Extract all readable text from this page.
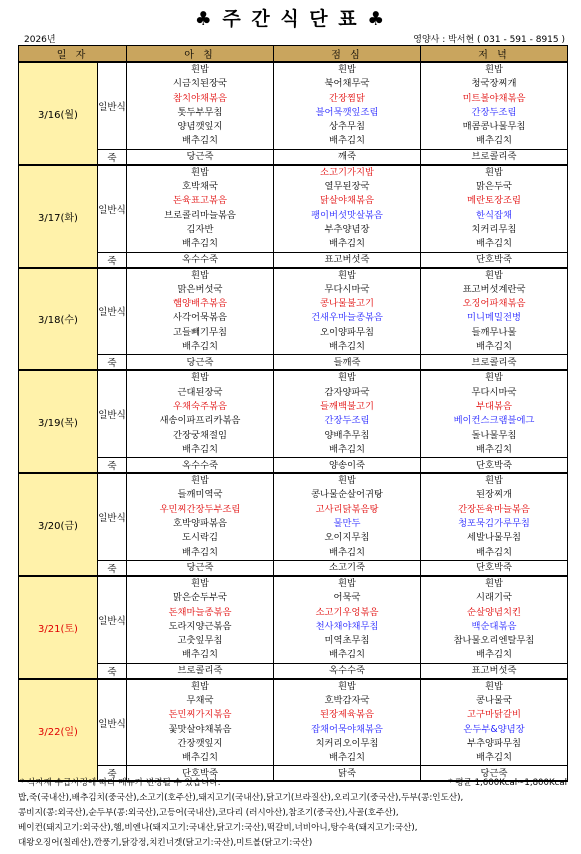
♣ 주 간 식 단 표 ♣
2026년	영양사 : 박서현 ( 031 - 591 - 8915 )
일 자		아 침	점 심	저 녁
3/16(월)	일반식	흰밥	흰밥	흰밥
		시금치된장국	북어채무국	청국장찌개
		참치야채볶음	간장찜닭	미트볼야채볶음
		톳두부무침	블어묵깻잎조림	간장두조림
		양념깻잎지	상추무침	매콤콩나물무침
		배추김치	배추김치	배추김치
	죽	당근죽	깨죽	브로콜리죽
3/17(화)	일반식	흰밥	소고기가지밥	흰밥
		호박채국	열무된장국	맑은두국
		돈육표고볶음	닭살야채볶음	메란토장조림
		브로콜리마늘볶음	팽이버섯맛살볶음	한식잡채
		김자반	부추양념장	치커리무침
		배추김치	배추김치	배추김치
	죽	옥수수죽	표고버섯죽	단호박죽
3/18(수)	일반식	흰밥	흰밥	흰밥
		맑은버섯국	무다시마국	표고버섯계란국
		햄양배추볶음	콩나물불고기	오징어파채볶음
		사각어묵볶음	건새우마늘종볶음	미니메밀전병
		고들빼기무침	오이양파무침	들깨무나물
		배추김치	배추김치	배추김치
	죽	당근죽	들깨죽	브로콜리죽
3/19(목)	일반식	흰밥	흰밥	흰밥
		근대된장국	감자양파국	무다시마국
		우채숙주볶음	들깨백불고기	부대볶음
		새송이파프리카볶음	간장두조림	베이컨스크램블에그
		간장궁채절임	양배추무침	돌나물무침
		배추김치	배추김치	배추김치
	죽	옥수수죽	양송이죽	단호박죽
3/20(금)	일반식	흰밥	흰밥	흰밥
		들깨미역국	콩나물순살어귀탕	된장찌개
		우민찌간장두부조림	고사리닭볶음탕	간장돈육마늘볶음
		호박양파볶음	물만두	청포묵김가루무침
		도시락김	오이지무침	세발나물무침
		배추김치	배추김치	배추김치
	죽	당근죽	소고기죽	단호박죽
3/21(토)	일반식	흰밥	흰밥	흰밥
		맑은순두부국	어묵국	시래기국
		돈채마늘종볶음	소고기우엉볶음	순살양념치킨
		도라지양근볶음	천사채야채무침	백순대볶음
		고춧잎무침	미역초무침	참나물오리엔탈무침
		배추김치	배추김치	배추김치
	죽	브로콜리죽	옥수수죽	표고버섯죽
3/22(일)	일반식	흰밥	흰밥	흰밥
		무채국	호박감자국	콩나물국
		돈민찌가지볶음	된장제육볶음	고구마닭갈비
		꽃맛살야채볶음	잡채어묵야채볶음	온두부&양념장
		간장깻잎지	치커리오이무침	부추양파무침
		배추김치	배추김치	배추김치
	죽	단호박죽	닭죽	당근죽
* 식자재 수급사정에 따라 메뉴가 변경될 수 있습니다.	* 평균 1,600Kcal~1,800Kcal
밥,죽(국내산),배추김치(중국산),소고기(호주산),돼지고기(국내산),닭고기(브라질산),오리고기(중국산),두부(콩:인도산),
콩비지(콩:외국산),순두부(콩:외국산),고등어(국내산),코다리 (러시아산),참조기(중국산),사골(호주산),
베이컨(돼지고기:외국산),햄,비엔나(돼지고기:국내산,닭고기:국산),떡갈비,너비아니,탕수육(돼지고기:국산),
대왕오징어(칠레산),깐풍기,닭강정,치킨너겟(닭고기:국산),미트볼(닭고기:국산)
